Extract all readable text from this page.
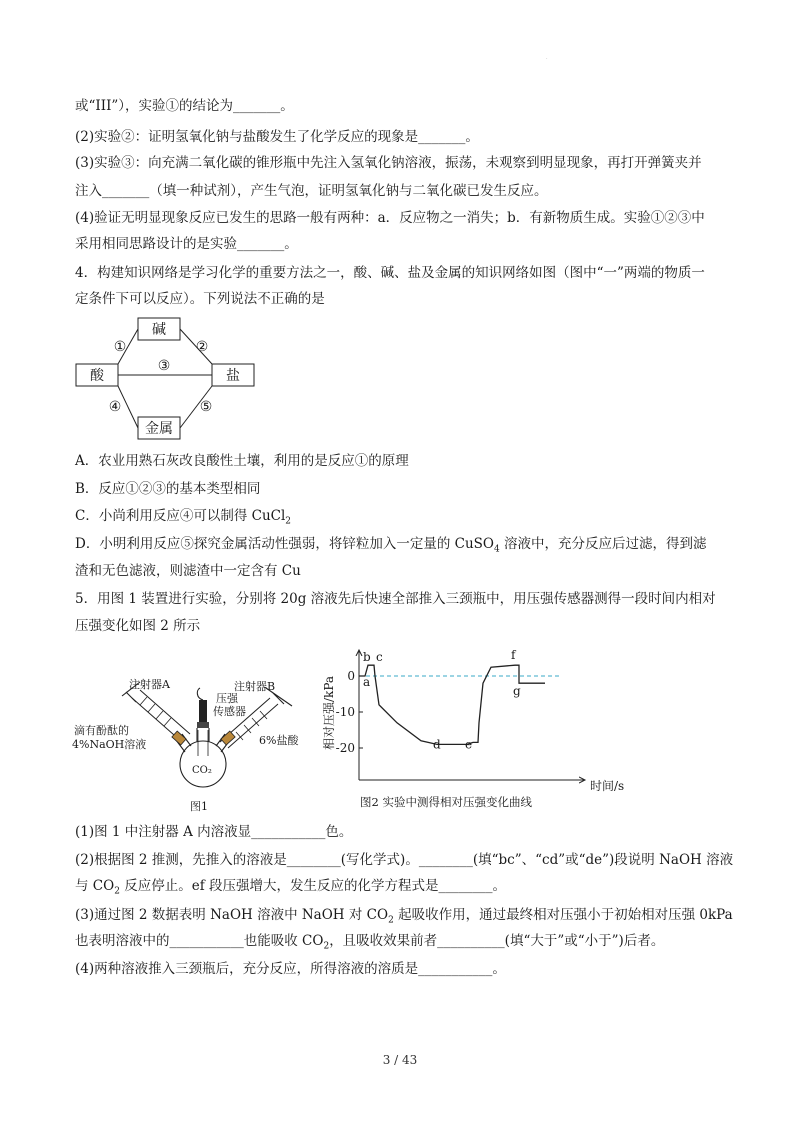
·
或“III”），实验①的结论为_______。
(2)实验②：证明氢氧化钠与盐酸发生了化学反应的现象是_______。
(3)实验③：向充满二氧化碳的锥形瓶中先注入氢氧化钠溶液，振荡，未观察到明显现象，再打开弹簧夹并
注入_______（填一种试剂），产生气泡，证明氢氧化钠与二氧化碳已发生反应。
(4)验证无明显现象反应已发生的思路一般有两种：a．反应物之一消失；b．有新物质生成。实验①②③中
采用相同思路设计的是实验_______。
4．构建知识网络是学习化学的重要方法之一，酸、碱、盐及金属的知识网络如图（图中“一”两端的物质一
定条件下可以反应）。下列说法不正确的是
碱
酸	盐
金属
①	②
③
④	⑤
A．农业用熟石灰改良酸性土壤，利用的是反应①的原理
B．反应①②③的基本类型相同
C．小尚利用反应④可以制得 CuCl$_2$
D．小明利用反应⑤探究金属活动性强弱，将锌粒加入一定量的 CuSO$_4$ 溶液中，充分反应后过滤，得到滤
渣和无色滤液，则滤渣中一定含有 Cu
5．用图 1 装置进行实验，分别将 20g 溶液先后快速全部推入三颈瓶中，用压强传感器测得一段时间内相对
压强变化如图 2 所示
注射器A	注射器B
压强
传感器
滴有酚酞的
4%NaOH溶液	6%盐酸
CO₂
图1
0
-10
-20
a
b c
d e
f
g
相对压强/kPa
时间/s
图2 实验中测得相对压强变化曲线
(1)图 1 中注射器 A 内溶液显___________色。
(2)根据图 2 推测，先推入的溶液是________(写化学式)。________(填“bc”、“cd”或“de”)段说明 NaOH 溶液
与 $CO_2$ 反应停止。ef 段压强增大，发生反应的化学方程式是________。
(3)通过图 2 数据表明 NaOH 溶液中 NaOH 对 $CO_2$ 起吸收作用，通过最终相对压强小于初始相对压强 0kPa
也表明溶液中的___________也能吸收 $CO_2$，且吸收效果前者__________(填“大于”或“小于”)后者。
(4)两种溶液推入三颈瓶后，充分反应，所得溶液的溶质是___________。
3 / 43
